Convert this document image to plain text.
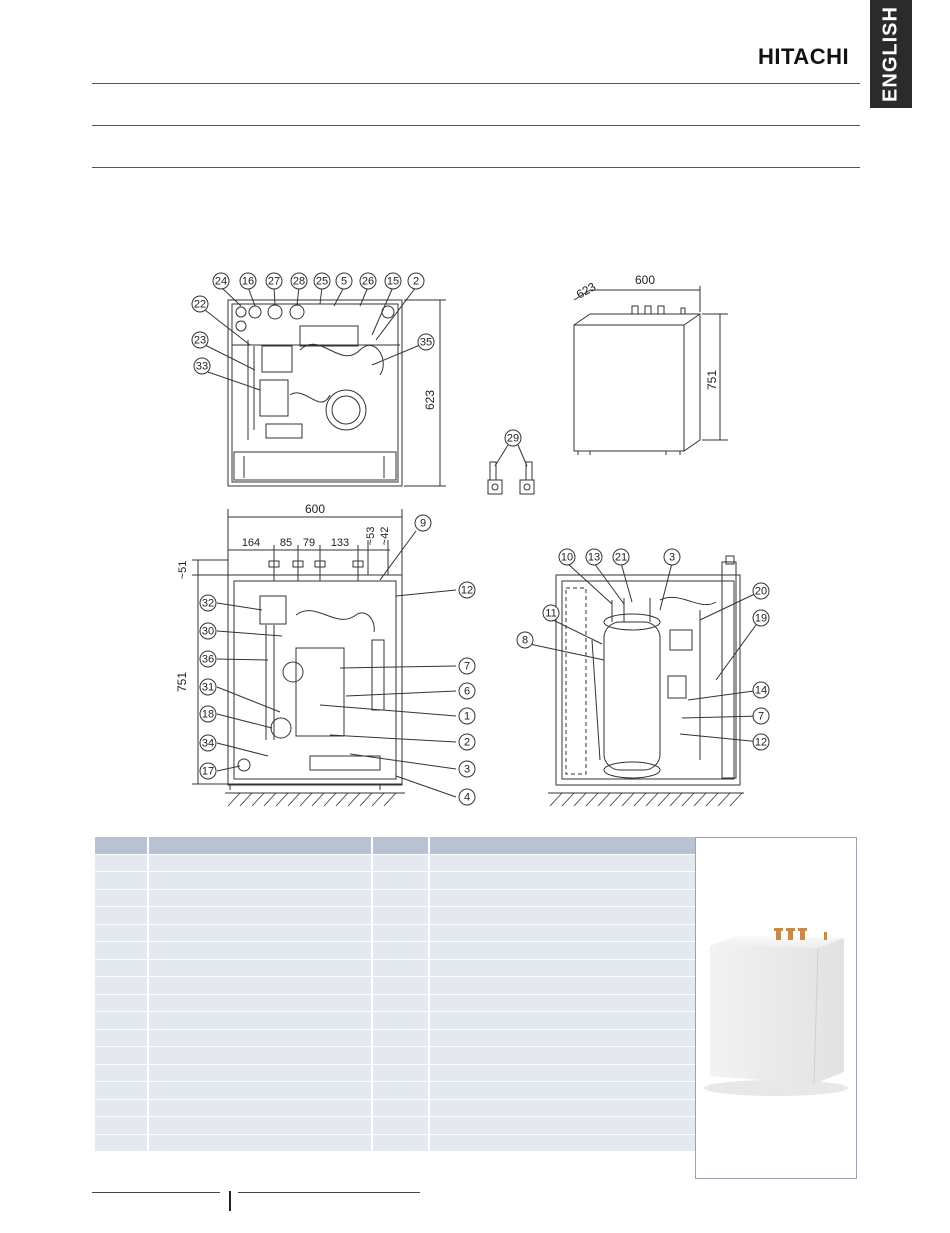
HITACHI ENGLISH
24 16 27 28 25 5 26 15 2
22
23
33
35
29
32
30
36
31
18
34
17
9
12
7
6
1
2
3
4
10 13 21	3
11
8
20
19
14
7
12
623
600
623
751
600
164 85 79 133 ~53 ~42
~51
751
